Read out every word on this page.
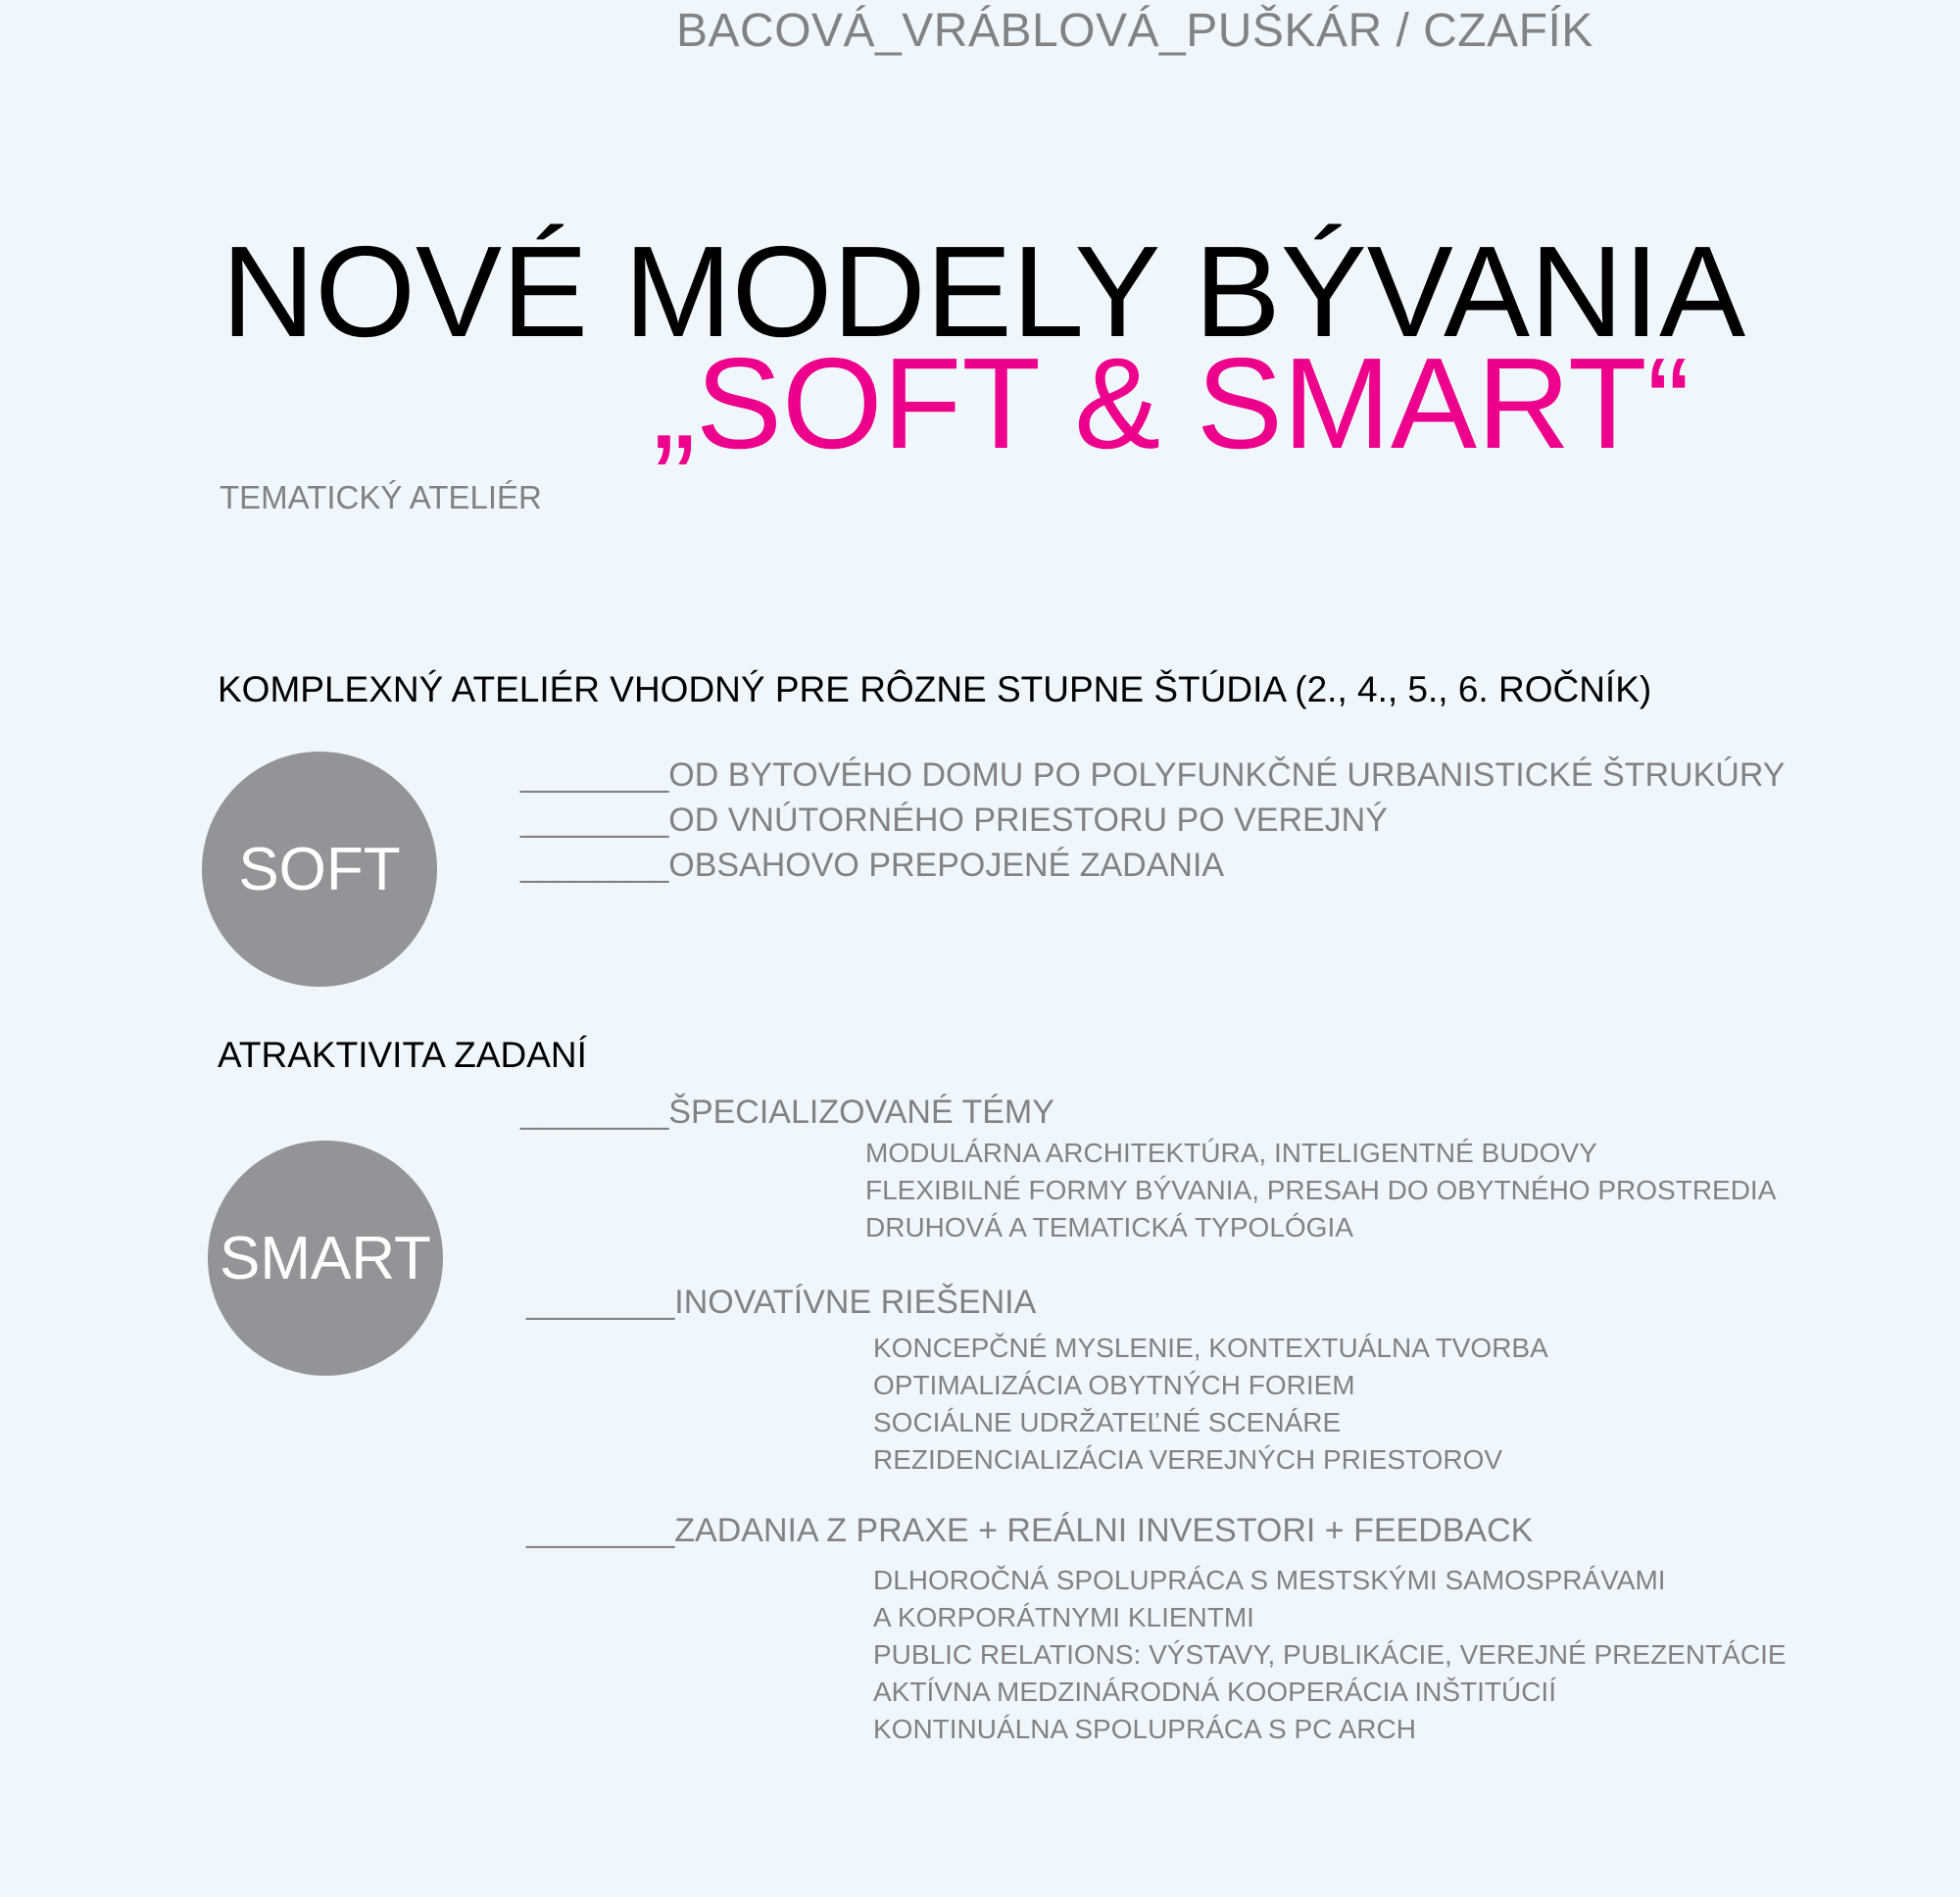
BACOVÁ_VRÁBLOVÁ_PUŠKÁR / CZAFÍK
NOVÉ MODELY BÝVANIA
„SOFT & SMART“
TEMATICKÝ ATELIÉR
KOMPLEXNÝ ATELIÉR VHODNÝ PRE RÔZNE STUPNE ŠTÚDIA (2., 4., 5., 6. ROČNÍK)
SOFT
________OD BYTOVÉHO DOMU PO POLYFUNKČNÉ URBANISTICKÉ ŠTRUKÚRY
________OD VNÚTORNÉHO PRIESTORU PO VEREJNÝ
________OBSAHOVO PREPOJENÉ ZADANIA
ATRAKTIVITA ZADANÍ
SMART
________ŠPECIALIZOVANÉ TÉMY
MODULÁRNA ARCHITEKTÚRA, INTELIGENTNÉ BUDOVY
FLEXIBILNÉ FORMY BÝVANIA, PRESAH DO OBYTNÉHO PROSTREDIA
DRUHOVÁ A TEMATICKÁ TYPOLÓGIA
________INOVATÍVNE RIEŠENIA
KONCEPČNÉ MYSLENIE, KONTEXTUÁLNA TVORBA
OPTIMALIZÁCIA OBYTNÝCH FORIEM
SOCIÁLNE UDRŽATEĽNÉ SCENÁRE
REZIDENCIALIZÁCIA VEREJNÝCH PRIESTOROV
________ZADANIA Z PRAXE + REÁLNI INVESTORI + FEEDBACK
DLHOROČNÁ SPOLUPRÁCA S MESTSKÝMI SAMOSPRÁVAMI
A KORPORÁTNYMI KLIENTMI
PUBLIC RELATIONS: VÝSTAVY, PUBLIKÁCIE, VEREJNÉ PREZENTÁCIE
AKTÍVNA MEDZINÁRODNÁ KOOPERÁCIA INŠTITÚCIÍ
KONTINUÁLNA SPOLUPRÁCA S PC ARCH
